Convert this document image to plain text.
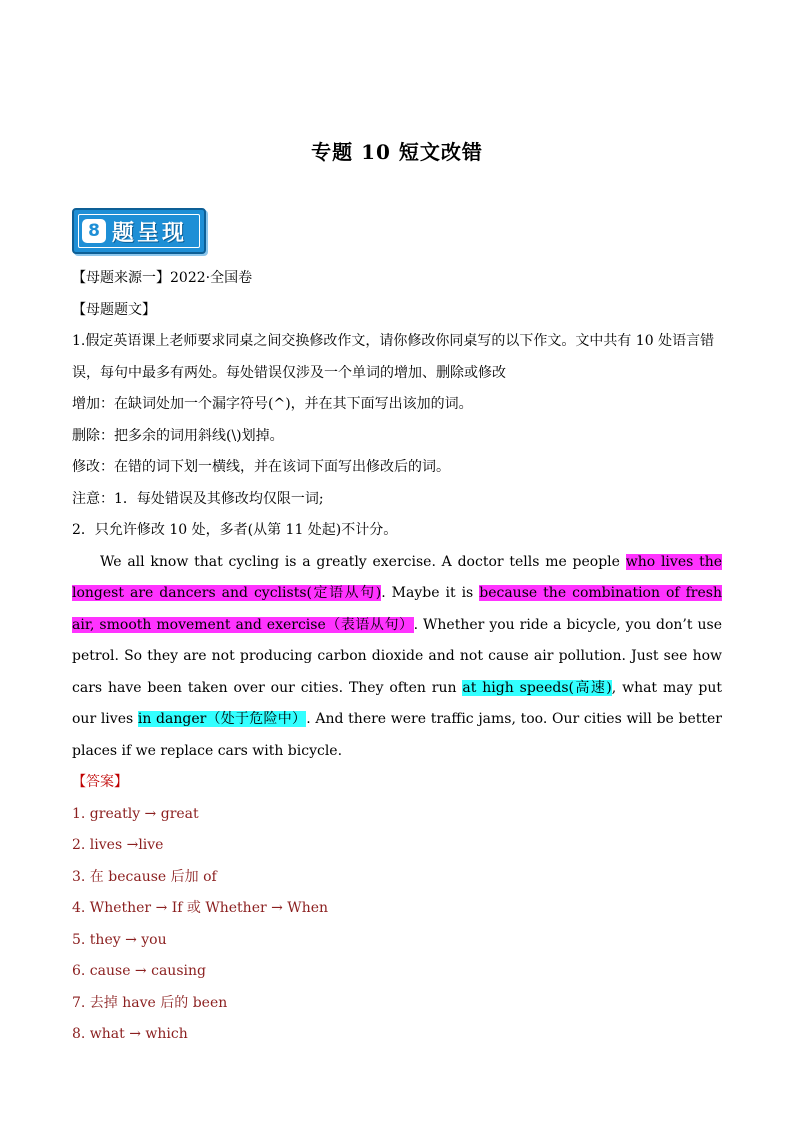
专题 10 短文改错
8 题呈现

【母题来源一】2022·全国卷

【母题题文】

1.假定英语课上老师要求同桌之间交换修改作文，请你修改你同桌写的以下作文。文中共有 10 处语言错误，每句中最多有两处。每处错误仅涉及一个单词的增加、删除或修改

增加：在缺词处加一个漏字符号(^)，并在其下面写出该加的词。

删除：把多余的词用斜线(\)划掉。

修改：在错的词下划一横线，并在该词下面写出修改后的词。

注意：1．每处错误及其修改均仅限一词;

2．只允许修改 10 处，多者(从第 11 处起)不计分。

We all know that cycling is a greatly exercise. A doctor tells me people who lives the longest are dancers and cyclists(定语从句). Maybe it is because the combination of fresh air, smooth movement and exercise（表语从句）. Whether you ride a bicycle, you don’t use petrol. So they are not producing carbon dioxide and not cause air pollution. Just see how cars have been taken over our cities. They often run at high speeds(高速), what may put our lives in danger（处于危险中）. And there were traffic jams, too. Our cities will be better places if we replace cars with bicycle.

【答案】

1. greatly → great

2. lives →live

3. 在 because 后加 of

4. Whether → If 或 Whether → When

5. they → you

6. cause → causing

7. 去掉 have 后的 been

8. what → which
